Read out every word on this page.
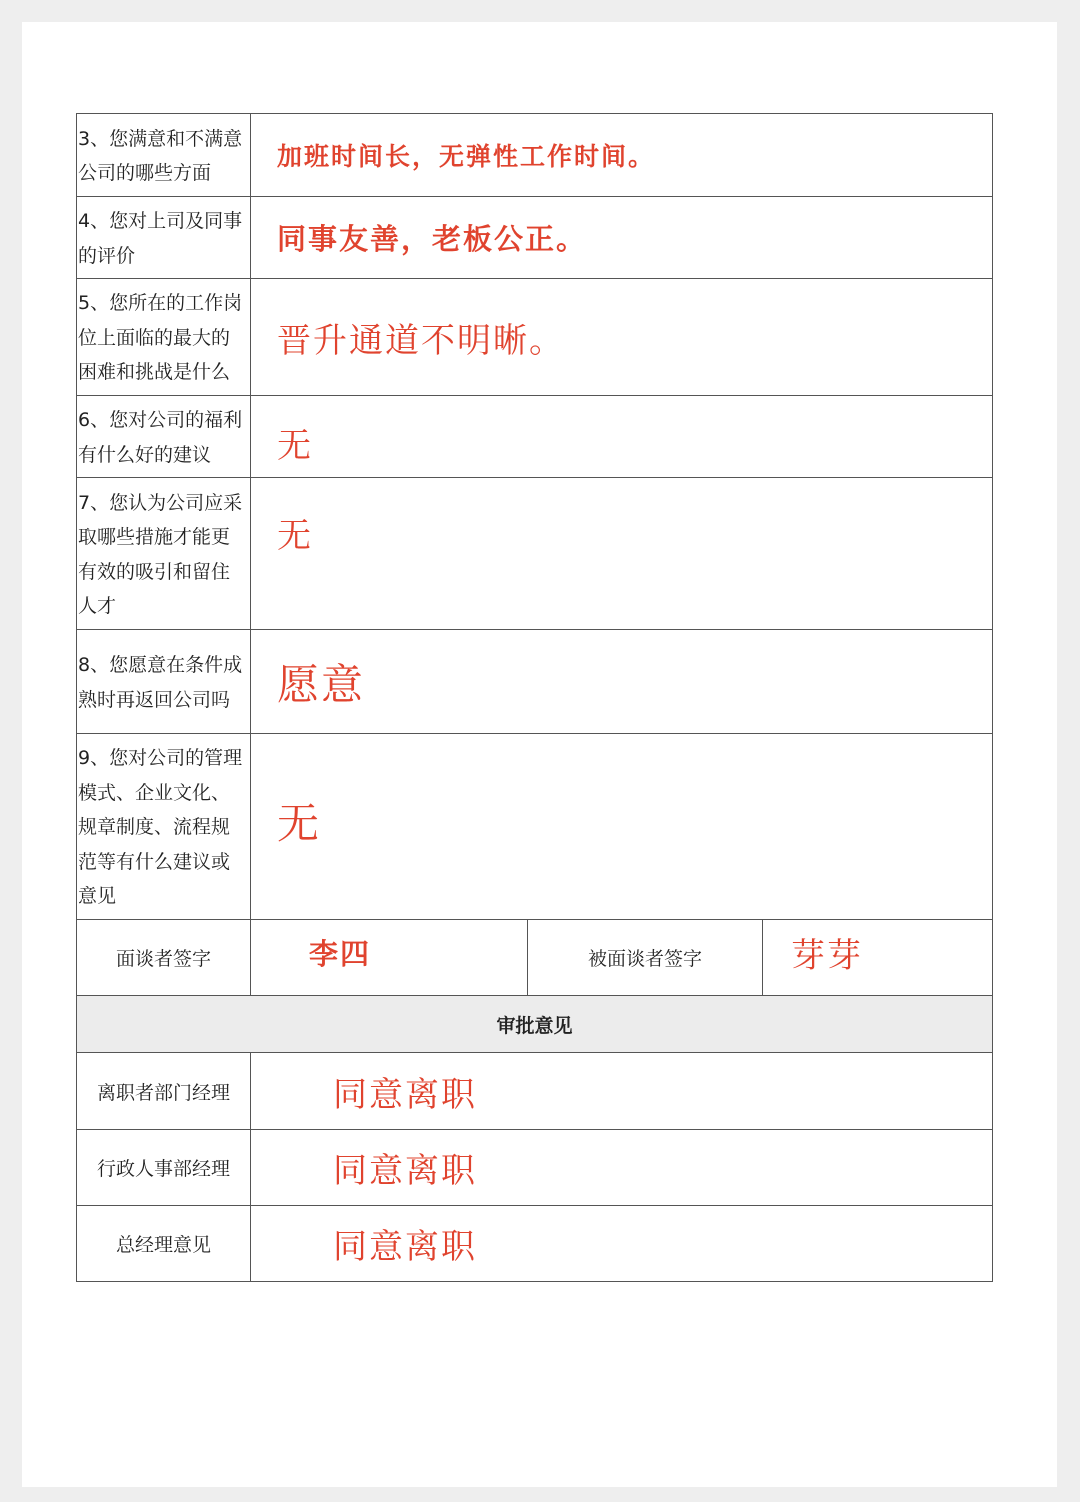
3、您满意和不满意
公司的哪些方面	加班时间长，无弹性工作时间。		

4、您对上司及同事
的评价	同事友善，老板公正。		

5、您所在的工作岗
位上面临的最大的
困难和挑战是什么	晋升通道不明晰。		

6、您对公司的福利
有什么好的建议	无		

7、您认为公司应采
取哪些措施才能更
有效的吸引和留住
人才	无		

8、您愿意在条件成
熟时再返回公司吗	愿意		

9、您对公司的管理
模式、企业文化、
规章制度、流程规
范等有什么建议或
意见	无		
面谈者签字	李四	被面谈者签字	芽芽
审批意见			
离职者部门经理	同意离职		
行政人事部经理	同意离职		
总经理意见	同意离职		
